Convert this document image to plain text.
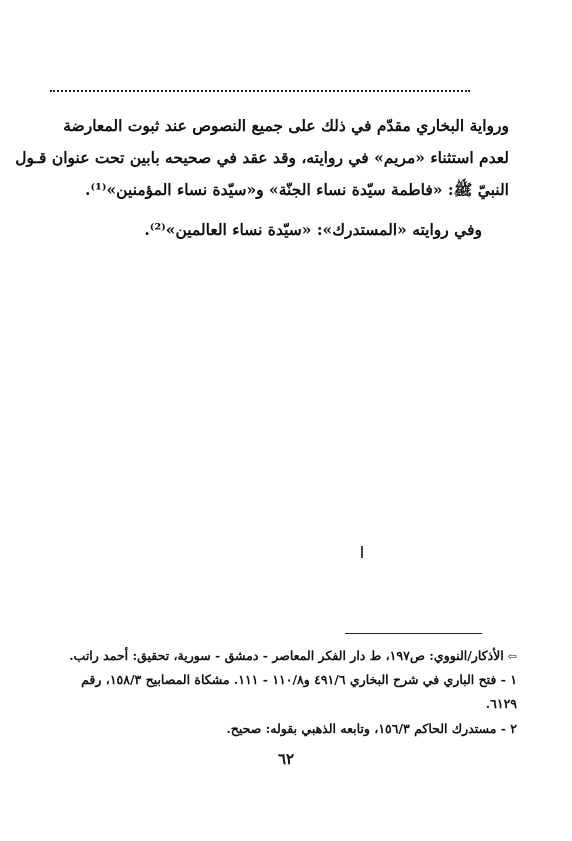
ورواية البخاري مقدّم في ذلك على جميع النصوص عند ثبوت المعارضة
لعدم استثناء «مريم» في روايته، وقد عقد في صحيحه بابين تحت عنوان قـول
النبيّ ﷺ: «فاطمة سيّدة نساء الجنّة» و«سيّدة نساء المؤمنين»⁽¹⁾.
وفي روايته «المستدرك»: «سيّدة نساء العالمين»⁽²⁾.
⇦الأذكار/النووي: ص١٩٧، ط دار الفكر المعاصر - دمشق - سورية، تحقيق: أحمد راتب.
١ - فتح الباري في شرح البخاري ٤٩١/٦ و١١٠/٨ - ١١١. مشكاة المصابيح ١٥٨/٣، رقم
٦١٢٩.
٢ - مستدرك الحاكم ١٥٦/٣، وتابعه الذهبي بقوله: صحيح.
٦٢
